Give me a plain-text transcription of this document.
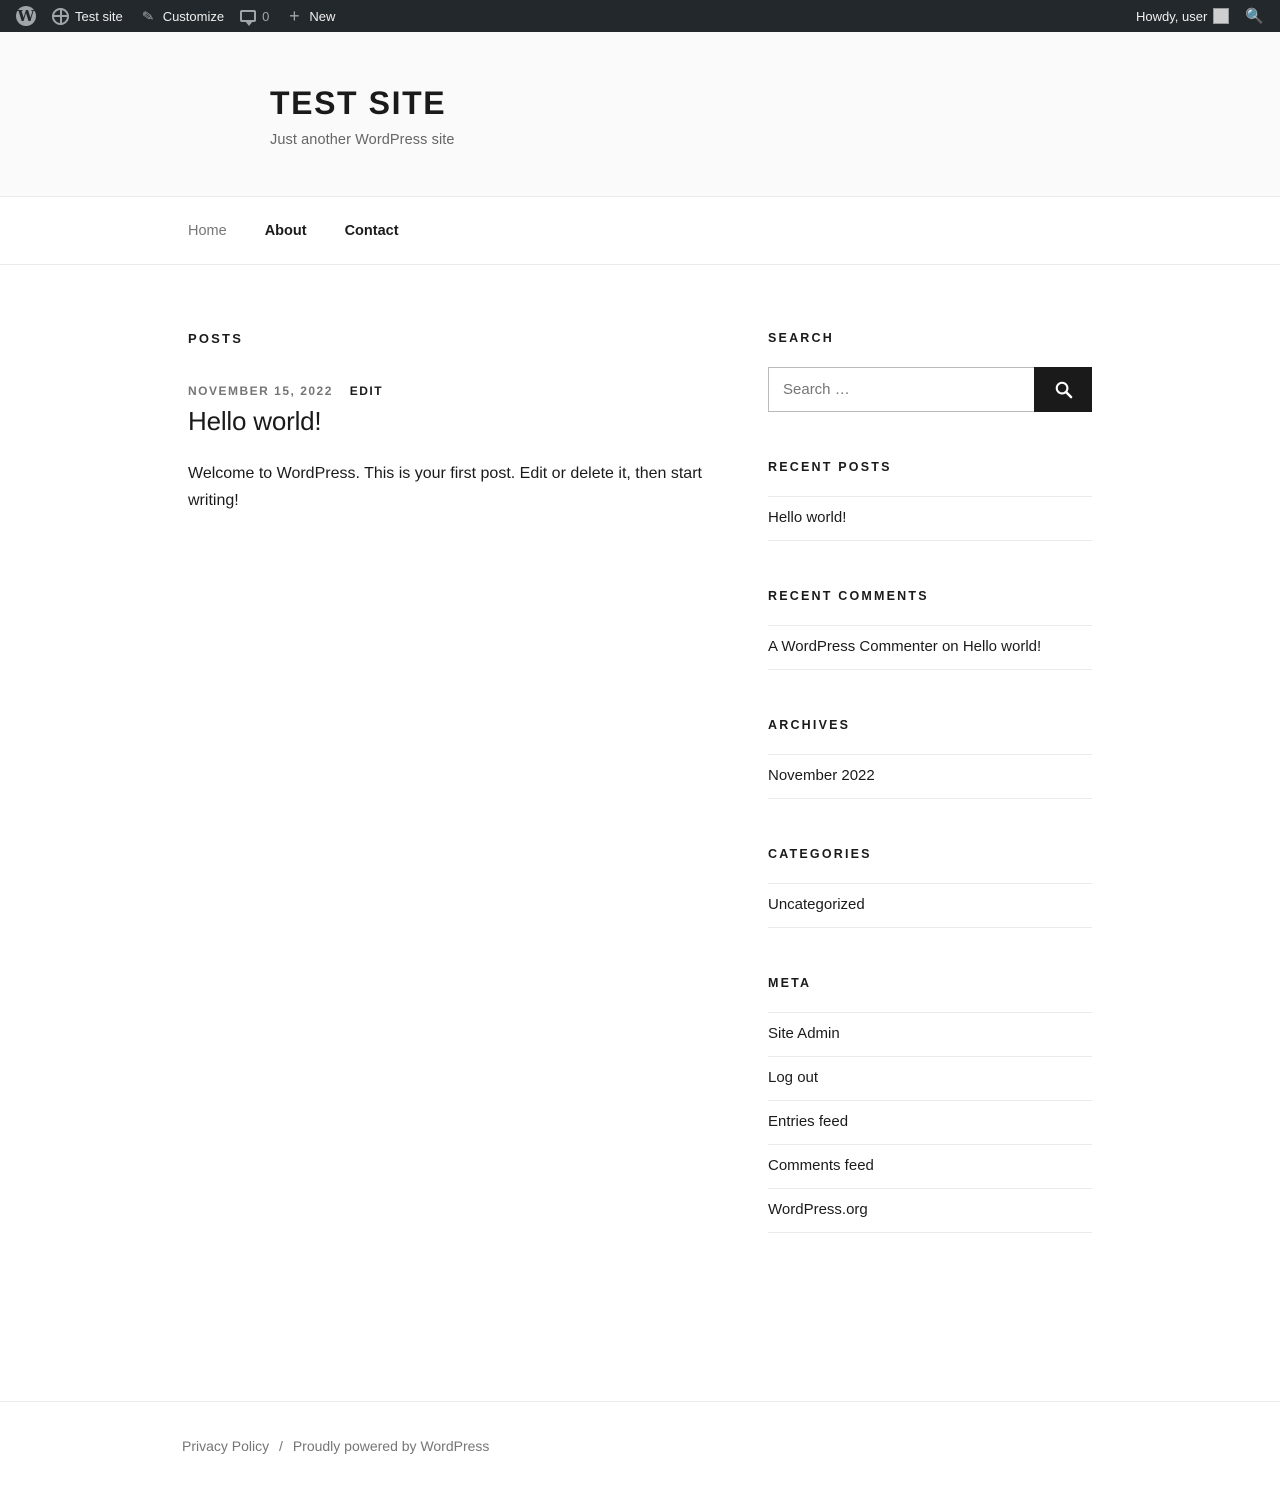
W	Test site ✎ Customize	0 + New	Howdy, user	🔍
TEST SITE

Just another WordPress site

Home	About	Contact
POSTS
NOVEMBER 15, 2022 EDIT
Hello world!

Welcome to WordPress. This is your first post. Edit or delete it, then start writing!

SEARCH
Search …
RECENT POSTS
Hello world!
RECENT COMMENTS
A WordPress Commenter on Hello world!
ARCHIVES
November 2022
CATEGORIES
Uncategorized
META
Site Admin
Log out
Entries feed
Comments feed
WordPress.org
Privacy Policy / Proudly powered by WordPress
